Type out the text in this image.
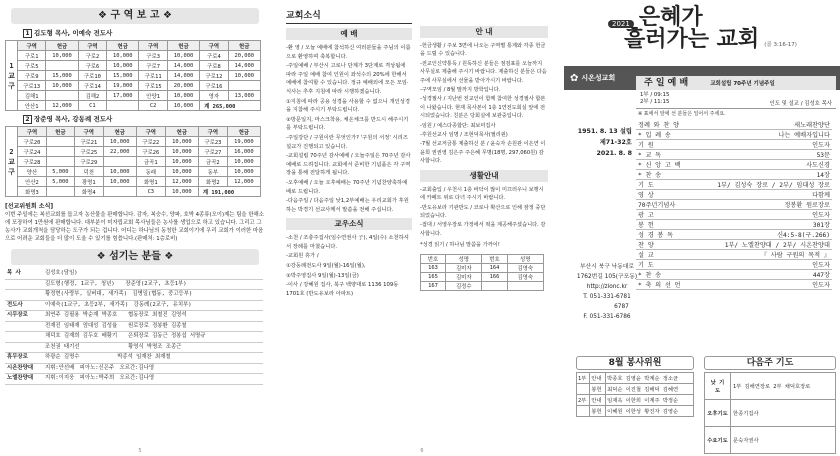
❖ 구 역 보 고 ❖
1 김도형 목사, 이예숙 전도사
1
교
구	구역	헌금	구역	헌금	구역	헌금	구역	헌금
	구로1	10,000	구로2	10,000	구로3	10,000	구로4	20,000
	구로5		구로6	10,000	구로7	14,000	구로8	14,000
	구로9	15,000	구로10	15,000	구로11	14,000	구로12	10,000
	구로13	10,000	구로14	19,000	구로15	20,000	구로16	
	김해1		김해2	17,000	안양1	10,000	영자	13,000
	안산1	12,000	C1		C2	10,000	계 265,000	
2 장준영 목사, 강동례 전도사
2
교
구	구역	헌금	구역	헌금	구역	헌금	구역	헌금
	구로20		구로21	10,000	구로22	10,000	구로23	19,000
	구로24		구로25	22,000	구로26	10,000	구로27	16,000
	구로28		구로29		금곡1	10,000	금곡2	10,000
	양산	5,000	덕천	10,000	동래	10,000	동부	10,000
	안산2	5,000	광명1	10,000	화명1	12,000	화명2	12,000
	화명3		화명4		C3	10,000	계 191,000	
[선교위원회 소식]
이번 주일에는 복선교회를 돕고자 농산물을 판매합니다. 감자, 복숭수, 양파, 호박 4종류(오이)제는 팀을 한해소에 포장하여 1만원에 판매합니다. 대부분이 미자립교회 목사님들은 농사를 생업으로 하고 있습니다. 그리고 그 농사가 교회개척을 담당하는 도구가 되는 겁니다. 어디는 하나님의 동청한 교회이기에 우리 교회가 이러한 마음으로 어려운 교회들을 더 많이 도울 수 있기를 힘씁니다.(판매처: 1층로비)
❖ 섬기는 분들 ❖
목 사	김성호(담임)
	김도형(행정, 1교구, 청년)　　장준영(2교구, 초등1부)
	황정현(사랑부, 실버대, 새가족)　김병일(협동, 중고등부)
전도사	이예숙(1교구, 초등2부, 새가족)　강동례(2교구, 유치부)
시무장로	최연주 김필용 박순재 박종호　　협동장로 최철진 김영석
	전재진 임태재 엄대성 김성율　　원로장로 정봉환 김종철
	채덕호 김재희 김두호 배황기　　은퇴장로 김동근 정봉섭 서명규
	조천권 태기선　　　　　　　　　황영식 박명조 조종근
휴무장로	하광순 김명수　　　　　　　박종석 임재찬 최재철
시온찬양대	지휘:안선배　피아노:신은주　오르간:김나영
노엘찬양대	지휘:이지웅　피아노:박주희　오르간:김나영
5
교회소식
예 배

-환 영 / 오늘 예배에 참석하신 여러분들을 주님의 이름으로 환영하며 축복합니다.

-주일예배 / 부산시 고로나 단계가 3단계로 격상됨에 따라 주일 예배 참여 인원이 좌석수의 20%에 한해서 예배에 참여할 수 있습니다. 정규 예배외에 모든 모임·식사는 추후 지침에 따라 시행하겠습니다.

①지침에 따라 공용 성경을 사용할 수 없으니 개인성경을 지참해 주시기 부탁드립니다.

②방문일지, 마스크착용, 체온체크를 반드시 해주시기를 부탁드립니다.

-주일강단 / 구원이란 무엇인가? '구원의 서정' 시리즈설교가 진행되고 있습니다.

-교회설립 70주년 감사예배 / 오늘주일은 70주년 감사예배로 드려집니다. 교회에서 준비한 기념품은 각 구역장을 통해 전달하게 됩니다.

-오후예배 / 오늘 오후예배는 70주년 기념찬양축하예배로 드립니다.

-다음주일 / 다음주일 낮1,2부예배는 우리교회가 후원하는 박경기 선교사께서 말씀을 전해 주십니다.

교우소식

-소천 / 조충주집사(임수연권사 子), 4일(수) 소천하셔서 장례를 마쳤습니다.

-교회원 휴가 /

①강동례전도사 9일(월)-16일(월),

②박주영집사 9일(월)-13일(금)

-이사 / 강혜원 집사, 북구 백양대로 1136 109동 1701호 (반도유보라 아파트)

안 내

-헌금생활 / 주보 3면에 나오는 구역별 통계와 각종 헌금을 드릴 수 있습니다.

-전교인신약통독 / 원독하신 분들은 점검표를 오늘까지 사무실로 제출해 주시기 바랍니다. 제출하신 분들은 다음 주에 사무실에서 선물을 받아가시기 바랍니다.

-구역모임 / 8월 말까지 방학입니다.

-성경필사 / 지난번 전교인이 함께 참여한 성경필사 합본이 나왔습니다. 현재 목사본이 1층 1연전도회실 앞에 전시되었습니다. 친분은 당회실에 보관중입니다.

-임원 / 예스다종합단: 최보미집사

-후원선교사 임명 / 조현덕목사(필리핀)

-7월 선교저금통 제출하신 분 / 윤숙자 손원관 이은연 이윤희 권권영 김은주 주은혜 무명(18명, 297,060원) 감사합니다.

생활안내

-교회출입 / 우천시 1층 바닥이 많이 미끄러우니 보행시에 카페트 위로 다녀 주시기 바랍니다.

-반도유보라 기관반도 / 코로나 확산으로 인해 잠정 중단되었습니다.

-접대 / 서영우장로 가정에서 떡을 제공해주셨습니다. 감사합니다.

*성경 읽기 / 하나님 말씀을 가까이!
번호	성명	번호	성명
163	김미자	164	김영숙
165	김미자	166	김영숙
167	김정수		
6
2021 은혜가
흘러가는 교회 (골 3:16-17)
✿ 시온성교회	주 일 예 배	교회설립 70주년 기념주일
1부 / 09:15
2부 / 11:15	인도 및 설교 / 김성호 목사
※ 표에서 앞에 선 분들은 일어서 주세요.
정례 와 찬 양	새노래찬양단
* 입 례 송	나는 예배자입니다
기 원	인도자
* 교 독	53문
* 신 앙 고 백	사도신경
* 찬 송	14장
기 도	1부/ 김성숙 장로 / 2부/ 임대성 장로
영 상	다함께
70주년기념사	정봉환 원로장로
광 고	인도자
봉 헌	301장
성 경 봉 독	신4:5-8(구.266)
찬 양	1부/ 노엘찬양대 / 2부/ 시온찬양대
설 교	『 사람 구원의 목적 』
기 도	인도자
* 찬 송	447장
* 축 의 선 언	인도자
1951. 8. 13 설립
제71-32호
2021. 8. 8
부산시 북구 낙동대로
1762번길 105(구포동)
http://zionc.kr
T. 051-331-6781
　　　　　6787
F. 051-331-6786
8월 봉사위원
1부	안내	박종호 김영윤 박계순 정소균
	봉헌	최덕순 이진철 김해덕 김혜연
2부	안내	임재옥 이한희 이계주 박정순
	봉헌	이혜원 이한성 황진자 김영순
다음주 기도
낮 기 도	1부 김해연장로 2부 채덕호장로
오후기도	한종기집사
수요기도	문숙자권사
